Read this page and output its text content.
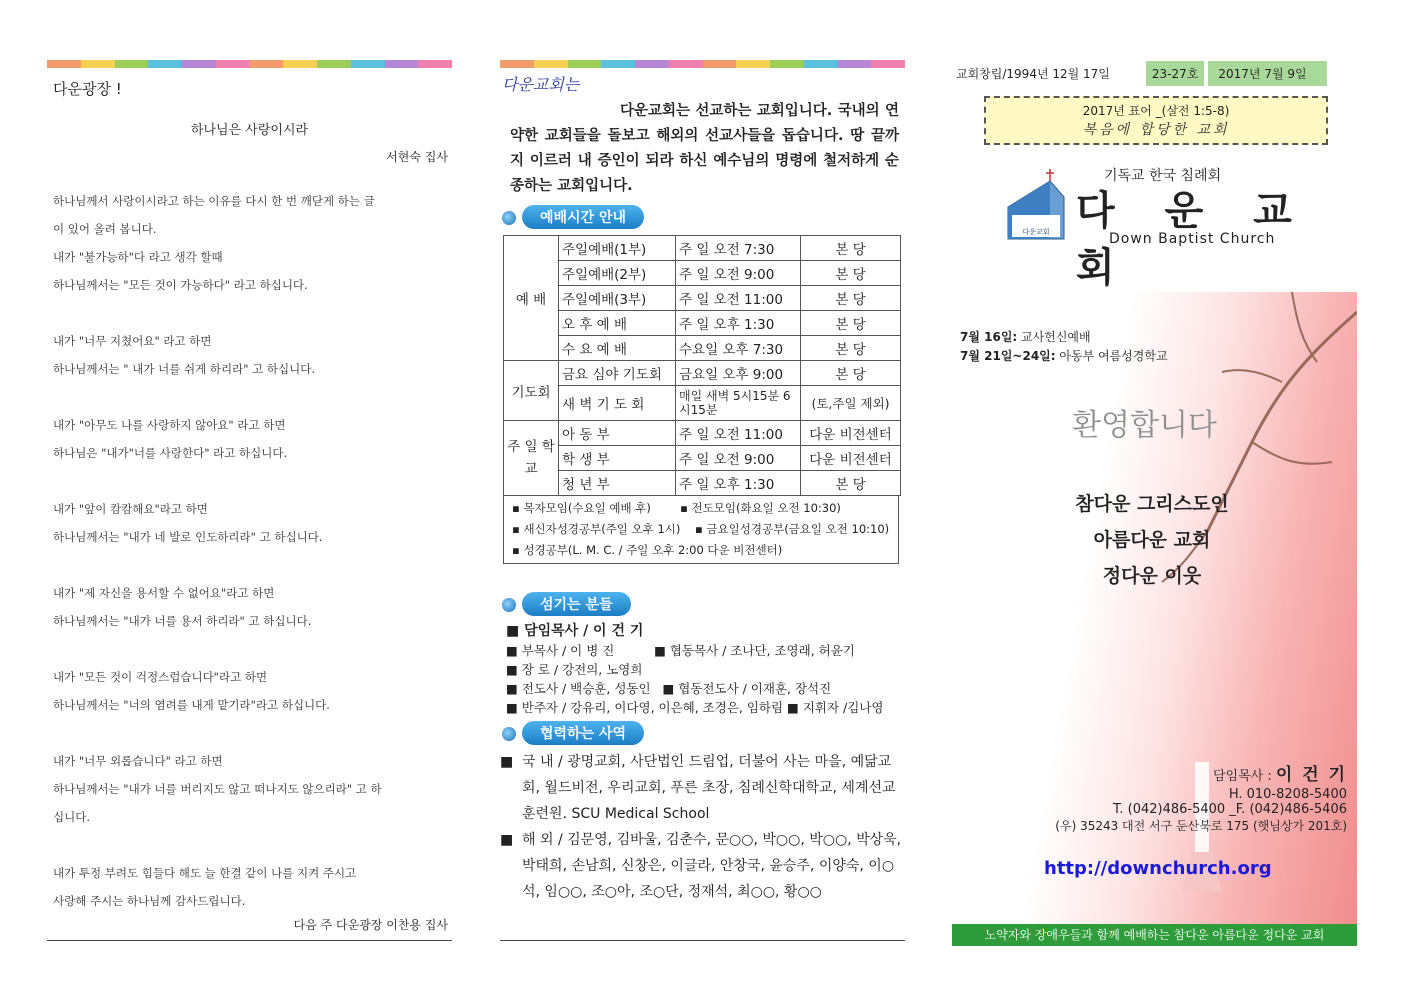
다운광장 !
하나님은 사랑이시라
서현숙 집사

하나님께서 사랑이시라고 하는 이유를 다시 한 번 깨닫게 하는 글

이 있어 올려 봅니다.

내가 "불가능하"다 라고 생각 할때

하나님께서는 "모든 것이 가능하다" 라고 하십니다.

내가 "너무 지쳤어요" 라고 하면

하나님께서는 " 내가 너를 쉬게 하리라" 고 하십니다.

내가 "아무도 나를 사랑하지 않아요" 라고 하면

하나님은 "내가"너를 사랑한다" 라고 하십니다.

내가 "앞이 캄캄해요"라고 하면

하나님께서는 "내가 네 발로 인도하리라" 고 하십니다.

내가 "제 자신을 용서할 수 없어요"라고 하면

하나님께서는 "내가 너를 용서 하리라" 고 하십니다.

내가 "모든 것이 걱정스럽습니다"라고 하면

하나님께서는 "너의 염려를 내게 맡기라"라고 하십니다.

내가 "너무 외롭습니다" 라고 하면

하나님께서는 "내가 너를 버리지도 않고 떠나지도 않으리라" 고 하

십니다.

내가 투정 부려도 힘들다 해도 늘 한결 같이 나를 지켜 주시고

사랑해 주시는 하나님께 감사드립니다.

다음 주 다운광장 이찬용 집사
다운교회는
다운교회는 선교하는 교회입니다. 국내의 연약한 교회들을 돌보고 해외의 선교사들을 돕습니다. 땅 끝까지 이르러 내 증인이 되라 하신 예수님의 명령에 철저하게 순종하는 교회입니다.
예배시간 안내
예 배	주일예배(1부)	주 일 오전 7:30	본 당
	주일예배(2부)	주 일 오전 9:00	본 당
	주일예배(3부)	주 일 오전 11:00	본 당
	오 후 예 배	주 일 오후 1:30	본 당
	수 요 예 배	수요일 오후 7:30	본 당
기도회	금요 심야 기도회	금요일 오후 9:00	본 당
	새 벽 기 도 회	매일 새벽 5시15분 6시15분	(토,주일 제외)
주 일 학 교	아 동 부	주 일 오전 11:00	다운 비전센터
	학 생 부	주 일 오전 9:00	다운 비전센터
	청 년 부	주 일 오후 1:30	본 당
▪ 목자모임(수요일 예배 후)        ▪ 전도모임(화요일 오전 10:30)
▪ 새신자성경공부(주일 오후 1시)    ▪ 금요일성경공부(금요일 오전 10:10)
▪ 성경공부(L. M. C. / 주일 오후 2:00 다운 비전센터)
섬기는 분들
■ 담임목사 / 이 건 기
■ 부목사 / 이 병 진          ■ 협동목사 / 조나단, 조영래, 허윤기
■ 장 로 / 강전의, 노영희
■ 전도사 / 백승훈, 성동인   ■ 협동전도사 / 이재훈, 장석진
■ 반주자 / 강유리, 이다영, 이은혜, 조경은, 임하림 ■ 지휘자 /김나영
협력하는 사역
■ 국 내 / 광명교회, 사단법인 드림업, 더불어 사는 마을, 예닮교회, 월드비전, 우리교회, 푸른 초장, 침례신학대학교, 세계선교 훈련원. SCU Medical School
■ 해 외 / 김문영, 김바울, 김춘수, 문○○, 박○○, 박○○, 박상욱, 박태희, 손남희, 신창은, 이글라, 안창국, 윤승주, 이양숙, 이○석, 임○○, 조○아, 조○단, 정재석, 최○○, 황○○
교회창립/1994년 12월 17일	23-27호	2017년 7월 9일
2017년 표어 _(살전 1:5-8)
복음에 합당한 교회
다운교회
기독교 한국 침례회
다 운 교 회
Down Baptist Church
7월 16일: 교사헌신예배
7월 21일~24일: 아동부 여름성경학교
환영합니다
참다운 그리스도인
아름다운 교회
정다운 이웃
담임목사 : 이 건 기
H. 010-8208-5400
T. (042)486-5400 _F. (042)486-5406
(우) 35243 대전 서구 둔산북로 175 (햇님상가 201호)
http://downchurch.org
노약자와 장애우들과 함께 예배하는 참다운 아름다운 정다운 교회
